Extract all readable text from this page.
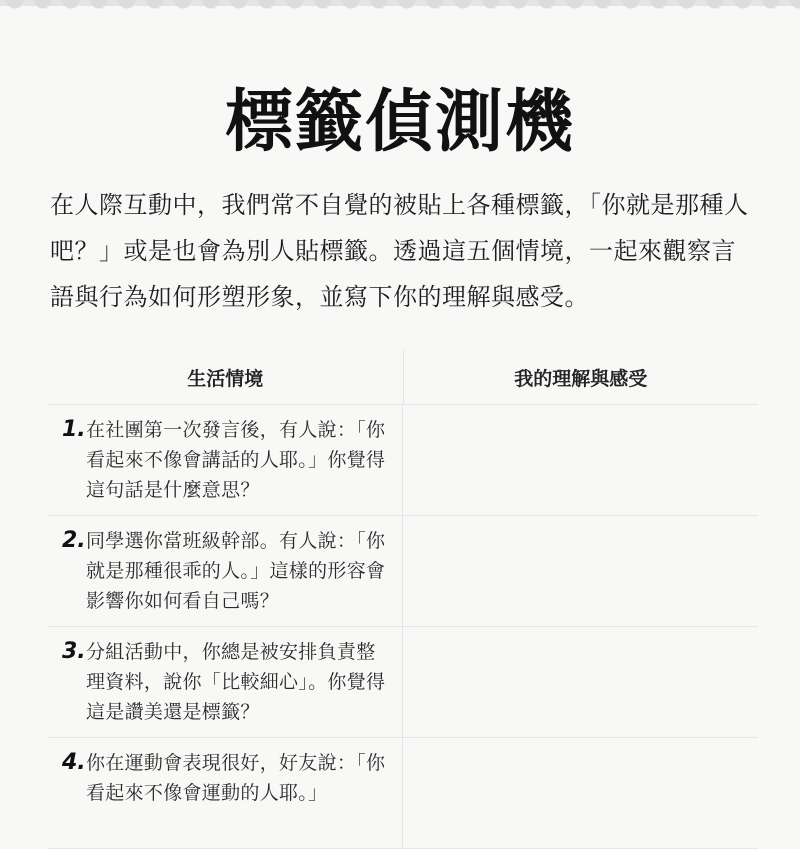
標籤偵測機
在人際互動中，我們常不自覺的被貼上各種標籤，「你就是那種人吧？」或是也會為別人貼標籤。透過這五個情境，一起來觀察言語與行為如何形塑形象，並寫下你的理解與感受。
生活情境	我的理解與感受
1. 在社團第一次發言後，有人說：「你看起來不像會講話的人耶。」你覺得這句話是什麼意思？
2. 同學選你當班級幹部。有人說：「你就是那種很乖的人。」這樣的形容會影響你如何看自己嗎？
3. 分組活動中，你總是被安排負責整理資料，說你「比較細心」。你覺得這是讚美還是標籤？
4. 你在運動會表現很好，好友說：「你看起來不像會運動的人耶。」
